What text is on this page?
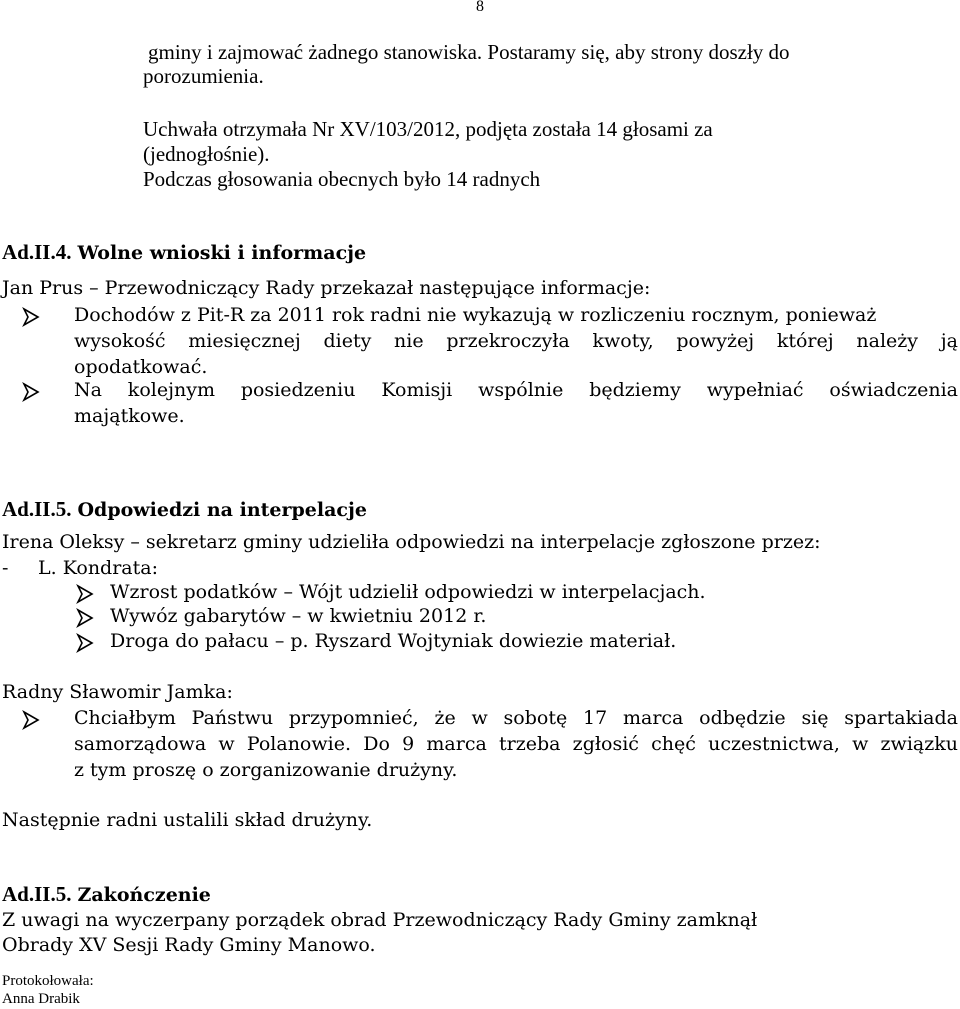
8
gminy i zajmować żadnego stanowiska. Postaramy się, aby strony doszły do
porozumienia.
Uchwała otrzymała Nr XV/103/2012, podjęta została 14 głosami za
(jednogłośnie).
Podczas głosowania obecnych było 14 radnych
Ad.II.4. Wolne wnioski i informacje
Jan Prus – Przewodniczący Rady przekazał następujące informacje:
Dochodów z Pit-R za 2011 rok radni nie wykazują w rozliczeniu rocznym, ponieważ
wysokość miesięcznej diety nie przekroczyła kwoty, powyżej której należy ją
opodatkować.
Na kolejnym posiedzeniu Komisji wspólnie będziemy wypełniać oświadczenia
majątkowe.
Ad.II.5. Odpowiedzi na interpelacje
Irena Oleksy – sekretarz gminy udzieliła odpowiedzi na interpelacje zgłoszone przez:
- L. Kondrata:
Wzrost podatków – Wójt udzielił odpowiedzi w interpelacjach.
Wywóz gabarytów – w kwietniu 2012 r.
Droga do pałacu – p. Ryszard Wojtyniak dowiezie materiał.
Radny Sławomir Jamka:
Chciałbym Państwu przypomnieć, że w sobotę 17 marca odbędzie się spartakiada
samorządowa w Polanowie. Do 9 marca trzeba zgłosić chęć uczestnictwa, w związku
z tym proszę o zorganizowanie drużyny.
Następnie radni ustalili skład drużyny.
Ad.II.5. Zakończenie
Z uwagi na wyczerpany porządek obrad Przewodniczący Rady Gminy zamknął
Obrady XV Sesji Rady Gminy Manowo.
Protokołowała:
Anna Drabik
